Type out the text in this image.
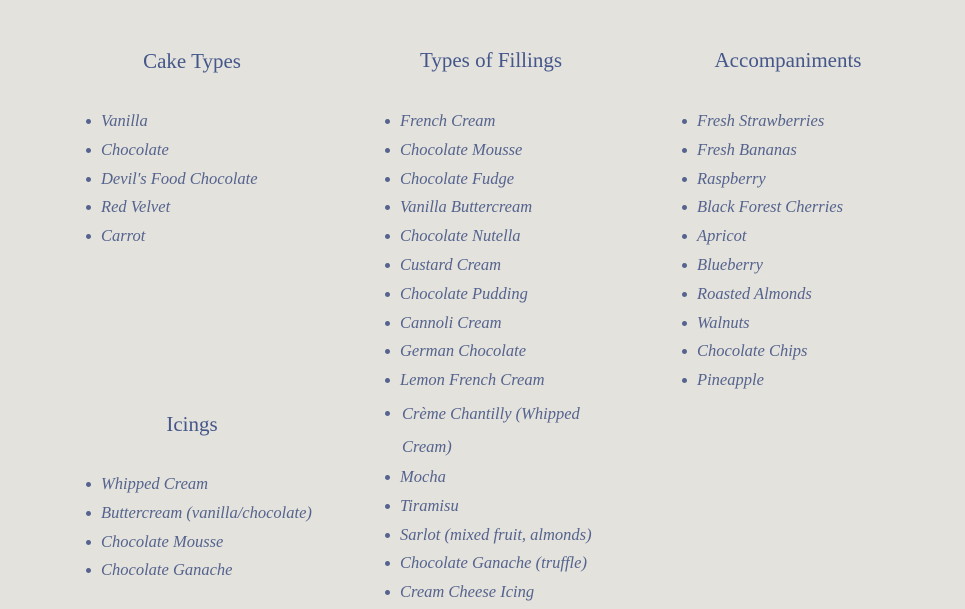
Cake Types
Vanilla
Chocolate
Devil's Food Chocolate
Red Velvet
Carrot
Types of Fillings
French Cream
Chocolate Mousse
Chocolate Fudge
Vanilla Buttercream
Chocolate Nutella
Custard Cream
Chocolate Pudding
Cannoli Cream
German Chocolate
Lemon French Cream
Crème Chantilly (Whipped Cream)
Mocha
Tiramisu
Sarlot (mixed fruit, almonds)
Chocolate Ganache (truffle)
Cream Cheese Icing
Accompaniments
Fresh Strawberries
Fresh Bananas
Raspberry
Black Forest Cherries
Apricot
Blueberry
Roasted Almonds
Walnuts
Chocolate Chips
Pineapple
Icings
Whipped Cream
Buttercream (vanilla/chocolate)
Chocolate Mousse
Chocolate Ganache
